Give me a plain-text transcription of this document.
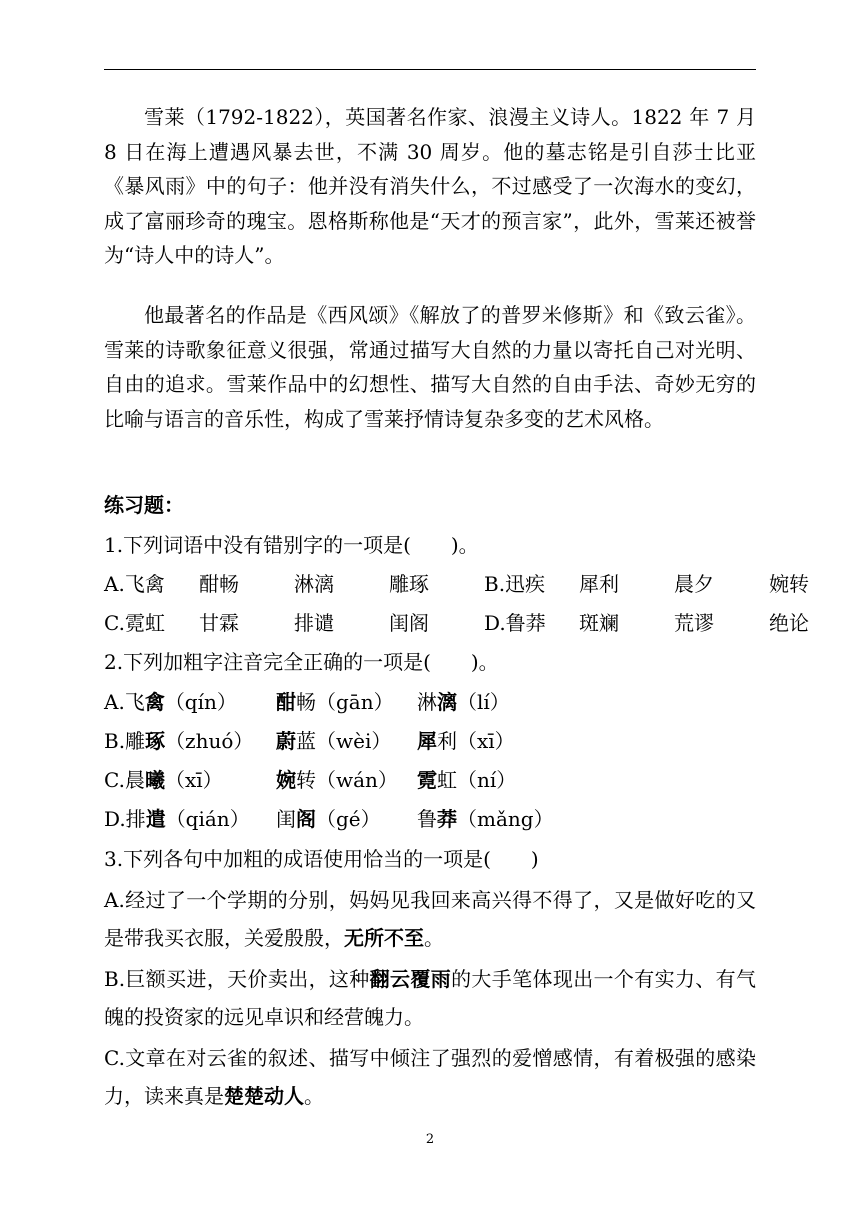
雪莱（1792-1822），英国著名作家、浪漫主义诗人。1822 年 7 月 8 日在海上遭遇风暴去世，不满 30 周岁。他的墓志铭是引自莎士比亚《暴风雨》中的句子：他并没有消失什么，不过感受了一次海水的变幻，成了富丽珍奇的瑰宝。恩格斯称他是“天才的预言家”，此外，雪莱还被誉为“诗人中的诗人”。

他最著名的作品是《西风颂》《解放了的普罗米修斯》和《致云雀》。雪莱的诗歌象征意义很强，常通过描写大自然的力量以寄托自己对光明、自由的追求。雪莱作品中的幻想性、描写大自然的自由手法、奇妙无穷的比喻与语言的音乐性，构成了雪莱抒情诗复杂多变的艺术风格。

练习题：
1.下列词语中没有错别字的一项是(　　)。
A.飞禽 酣畅	淋漓	雕琢	B.迅疾 犀利	晨夕	婉转
C.霓虹 甘霖	排谴	闺阁	D.鲁莽 斑斓	荒谬	绝论
2.下列加粗字注音完全正确的一项是(　　)。
A.飞禽（qín） 酣畅（gān） 淋漓（lí）
B.雕琢（zhuó） 蔚蓝（wèi） 犀利（xī）
C.晨曦（xī）	婉转（wán） 霓虹（ní）
D.排遣（qián） 闺阁（gé） 鲁莽（mǎng）
3.下列各句中加粗的成语使用恰当的一项是(　　)

A.经过了一个学期的分别，妈妈见我回来高兴得不得了，又是做好吃的又是带我买衣服，关爱殷殷，无所不至。

B.巨额买进，天价卖出，这种翻云覆雨的大手笔体现出一个有实力、有气魄的投资家的远见卓识和经营魄力。

C.文章在对云雀的叙述、描写中倾注了强烈的爱憎感情，有着极强的感染力，读来真是楚楚动人。

2
